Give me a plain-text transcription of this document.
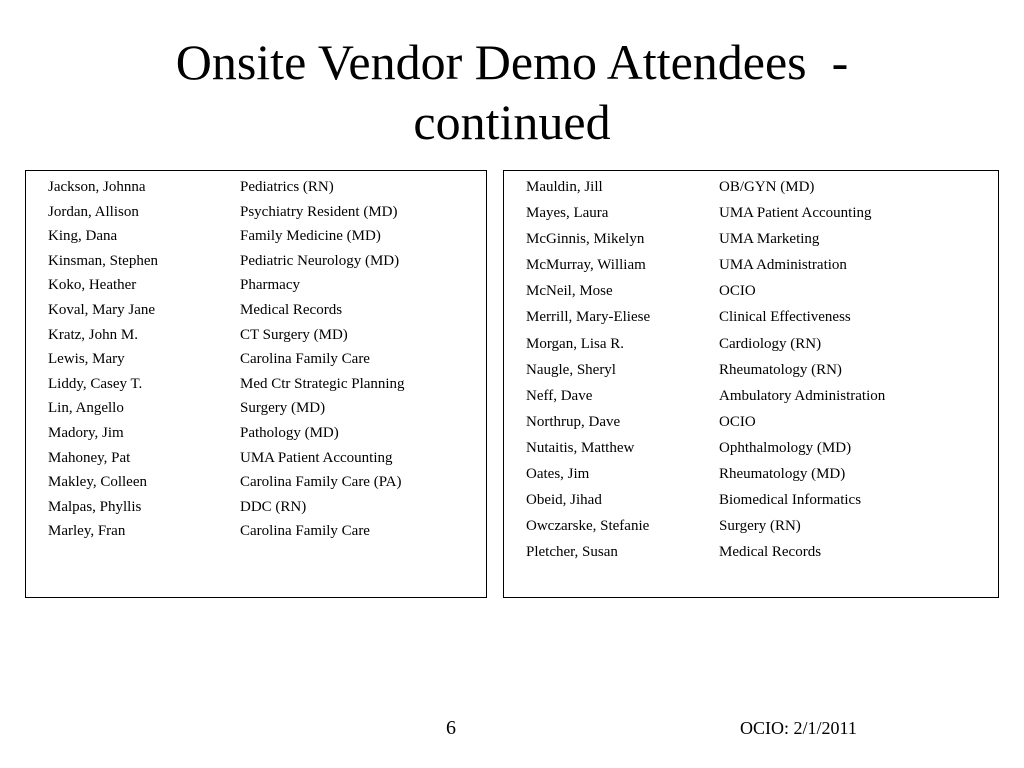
Onsite Vendor Demo Attendees  -
continued
Jackson, Johnna	Pediatrics (RN)
Jordan, Allison	Psychiatry Resident (MD)
King, Dana	Family Medicine (MD)
Kinsman, Stephen	Pediatric Neurology (MD)
Koko, Heather	Pharmacy
Koval, Mary Jane	Medical Records
Kratz, John M.	CT Surgery (MD)
Lewis, Mary	Carolina Family Care
Liddy, Casey T.	Med Ctr Strategic Planning
Lin, Angello	Surgery (MD)
Madory, Jim	Pathology (MD)
Mahoney, Pat	UMA Patient Accounting
Makley, Colleen	Carolina Family Care (PA)
Malpas, Phyllis	DDC (RN)
Marley, Fran	Carolina Family Care
Mauldin, Jill	OB/GYN (MD)
Mayes, Laura	UMA Patient Accounting
McGinnis, Mikelyn	UMA Marketing
McMurray, William	UMA Administration
McNeil, Mose	OCIO
Merrill, Mary-Eliese	Clinical Effectiveness
Morgan, Lisa R.	Cardiology (RN)
Naugle, Sheryl	Rheumatology (RN)
Neff, Dave	Ambulatory Administration
Northrup, Dave	OCIO
Nutaitis, Matthew	Ophthalmology (MD)
Oates, Jim	Rheumatology (MD)
Obeid, Jihad	Biomedical Informatics
Owczarske, Stefanie	Surgery (RN)
Pletcher, Susan	Medical Records
6	OCIO: 2/1/2011
